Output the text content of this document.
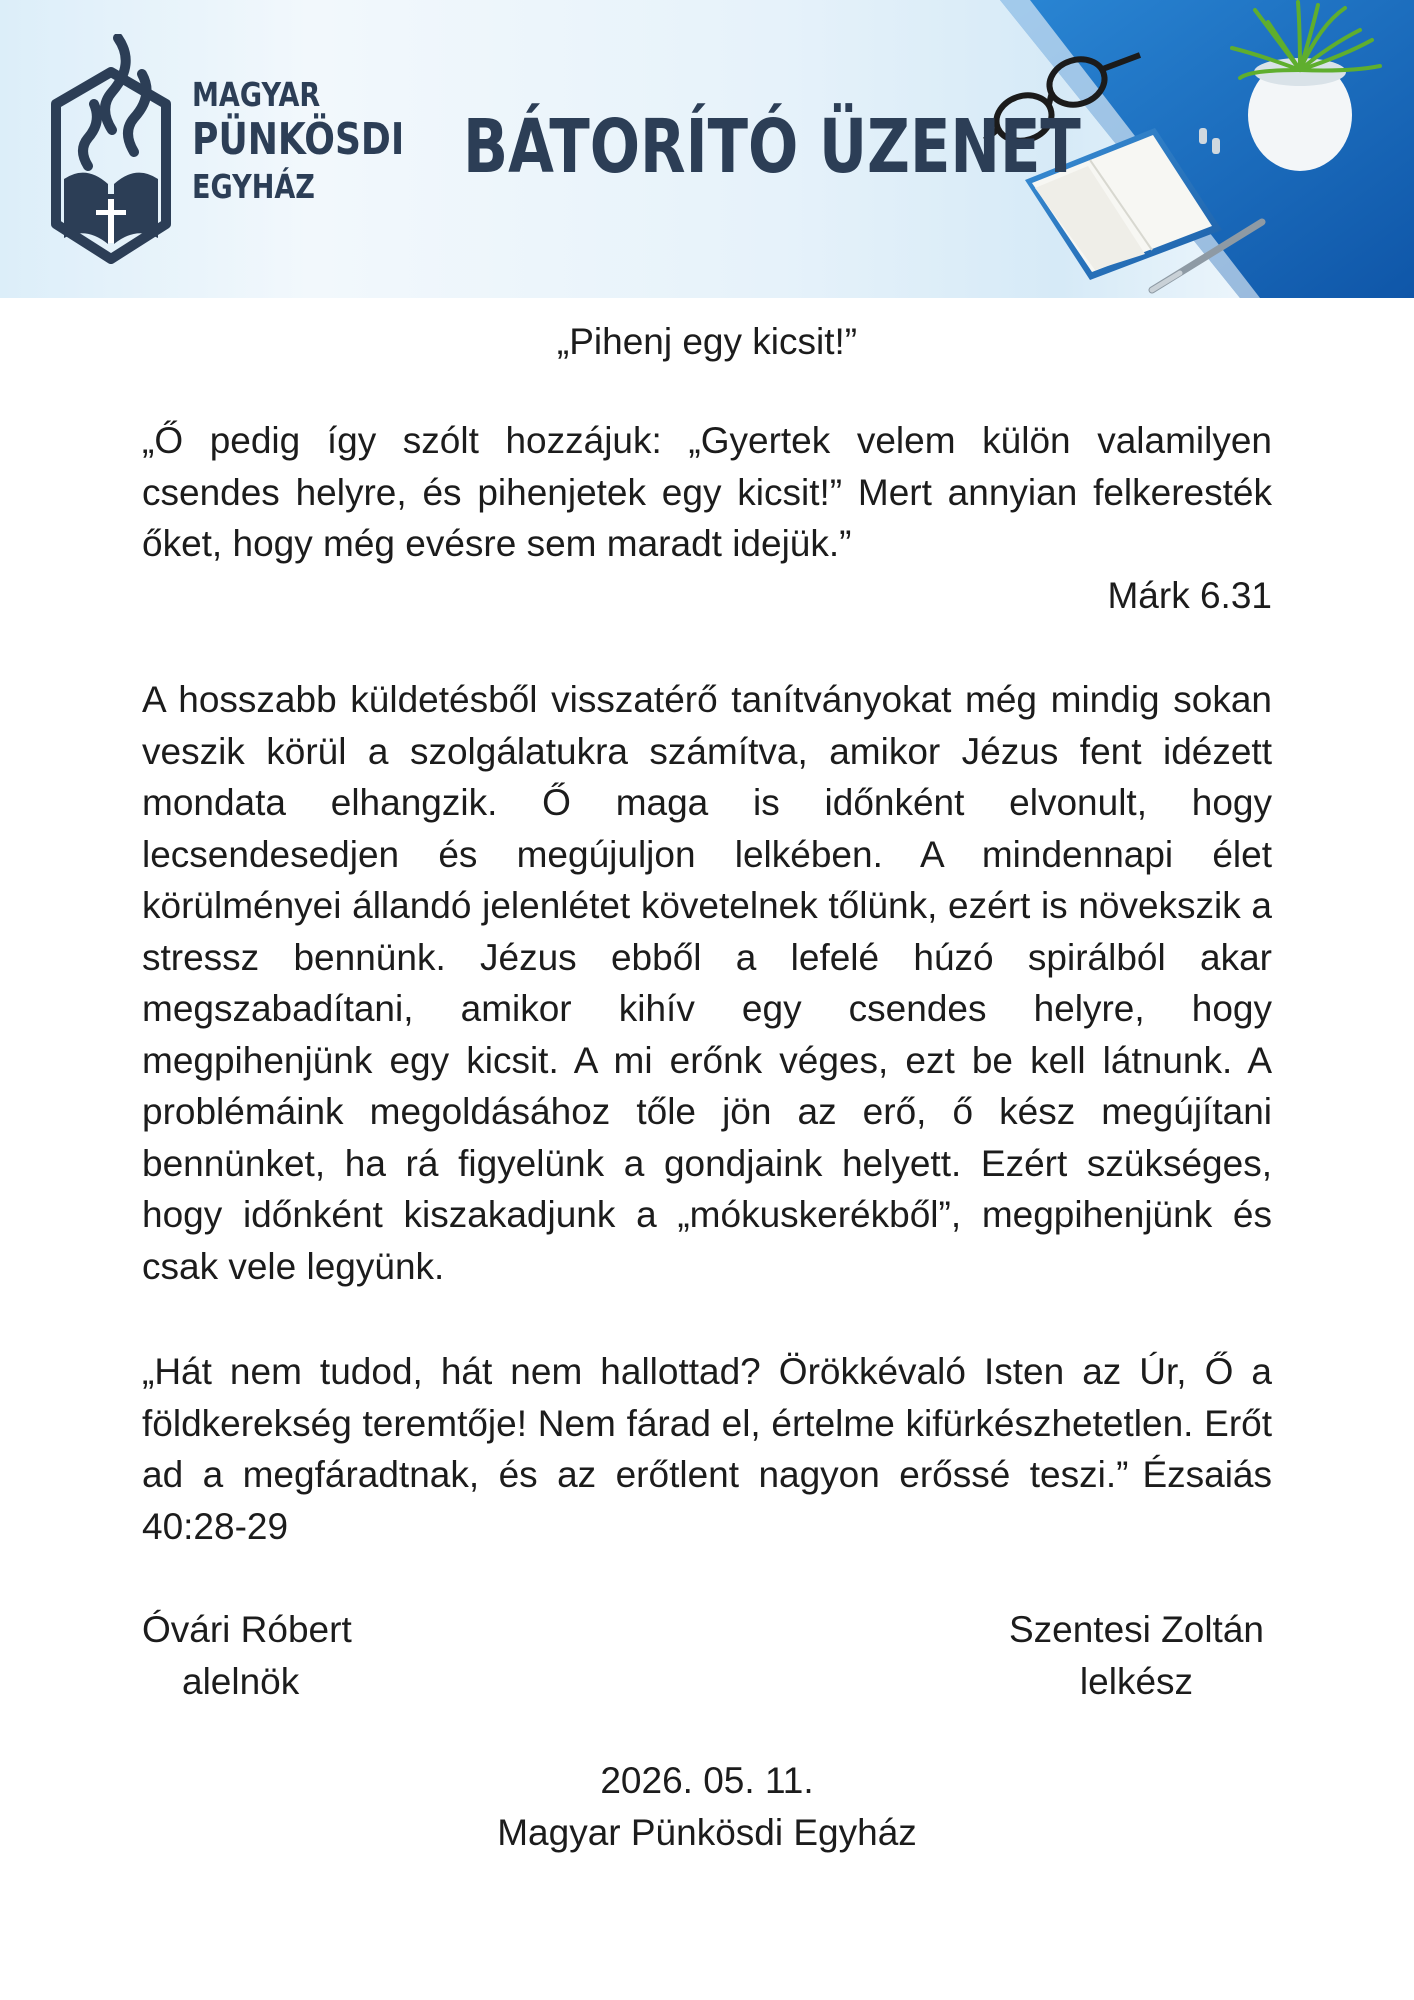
MAGYAR
PÜNKÖSDI
EGYHÁZ	BÁTORÍTÓ ÜZENET
„Pihenj egy kicsit!”

„Ő pedig így szólt hozzájuk: „Gyertek velem külön valamilyen csendes helyre, és pihenjetek egy kicsit!” Mert annyian felkeresték őket, hogy még evésre sem maradt idejük.”

Márk 6.31

A hosszabb küldetésből visszatérő tanítványokat még mindig sokan veszik körül a szolgálatukra számítva, amikor Jézus fent idézett mondata elhangzik. Ő maga is időnként elvonult, hogy lecsendesedjen és megújuljon lelkében. A mindennapi élet körülményei állandó jelenlétet követelnek tőlünk, ezért is növekszik a stressz bennünk. Jézus ebből a lefelé húzó spirálból akar megszabadítani, amikor kihív egy csendes helyre, hogy megpihenjünk egy kicsit. A mi erőnk véges, ezt be kell látnunk. A problémáink megoldásához tőle jön az erő, ő kész megújítani bennünket, ha rá figyelünk a gondjaink helyett. Ezért szükséges, hogy időnként kiszakadjunk a „mókuskerékből”, megpihenjünk és csak vele legyünk.

„Hát nem tudod, hát nem hallottad? Örökkévaló Isten az Úr, Ő a földkerekség teremtője! Nem fárad el, értelme kifürkészhetetlen. Erőt ad a megfáradtnak, és az erőtlent nagyon erőssé teszi.” Ézsaiás 40:28-29

Óvári Róbert
alelnök
Szentesi Zoltán
lelkész
2026. 05. 11.
Magyar Pünkösdi Egyház
